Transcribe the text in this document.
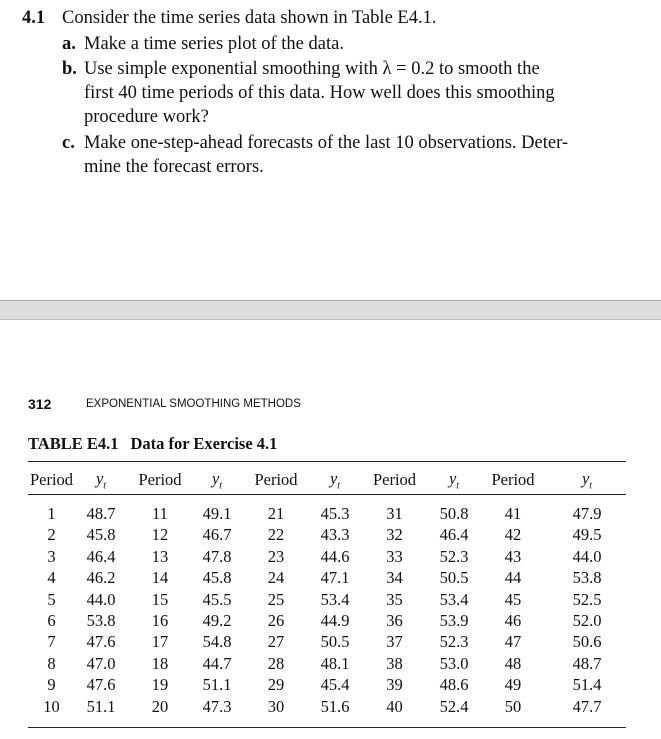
4.1 Consider the time series data shown in Table E4.1.
a. Make a time series plot of the data.
b. Use simple exponential smoothing with λ = 0.2 to smooth the
first 40 time periods of this data. How well does this smoothing
procedure work?
c. Make one-step-ahead forecasts of the last 10 observations. Deter-
mine the forecast errors.
312	EXPONENTIAL SMOOTHING METHODS
TABLE E4.1 Data for Exercise 4.1
Period	$y_t$	Period	$y_t$	Period	$y_t$	Period	$y_t$	Period	$y_t$
1	48.7	11	49.1	21	45.3	31	50.8	41	47.9
2	45.8	12	46.7	22	43.3	32	46.4	42	49.5
3	46.4	13	47.8	23	44.6	33	52.3	43	44.0
4	46.2	14	45.8	24	47.1	34	50.5	44	53.8
5	44.0	15	45.5	25	53.4	35	53.4	45	52.5
6	53.8	16	49.2	26	44.9	36	53.9	46	52.0
7	47.6	17	54.8	27	50.5	37	52.3	47	50.6
8	47.0	18	44.7	28	48.1	38	53.0	48	48.7
9	47.6	19	51.1	29	45.4	39	48.6	49	51.4
10	51.1	20	47.3	30	51.6	40	52.4	50	47.7
